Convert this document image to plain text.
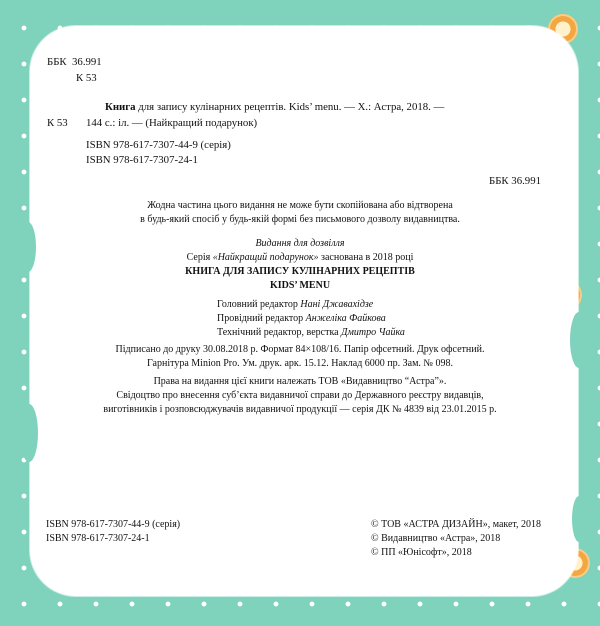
ББК 36.991
К 53
Книга для запису кулінарних рецептів. Kids’ menu. — Х.: Астра, 2018. —
К 53 144 с.: іл. — (Найкращий подарунок)
ISBN 978-617-7307-44-9 (серія)
ISBN 978-617-7307-24-1
ББК 36.991
Жодна частина цього видання не може бути скопійована або відтворена
в будь-який спосіб у будь-якій формі без письмового дозволу видавництва.
Видання для дозвілля
Серія «Найкращий подарунок» заснована в 2018 році
КНИГА ДЛЯ ЗАПИСУ КУЛІНАРНИХ РЕЦЕПТІВ
KIDS’ MENU
Головний редактор Нані Джавахідзе
Провідний редактор Анжеліка Файкова
Технічний редактор, верстка Дмитро Чайка
Підписано до друку 30.08.2018 р. Формат 84×108/16. Папір офсетний. Друк офсетний.
Гарнітура Minion Pro. Ум. друк. арк. 15.12. Наклад 6000 пр. Зам. № 098.
Права на видання цієї книги належать ТОВ «Видавництво “Астра”».
Свідоцтво про внесення суб’єкта видавничої справи до Державного реєстру видавців,
виготівників і розповсюджувачів видавничої продукції — серія ДК № 4839 від 23.01.2015 р.
ISBN 978-617-7307-44-9 (серія)
ISBN 978-617-7307-24-1
© ТОВ «АСТРА ДИЗАЙН», макет, 2018
© Видавництво «Астра», 2018
© ПП «Юнісофт», 2018
